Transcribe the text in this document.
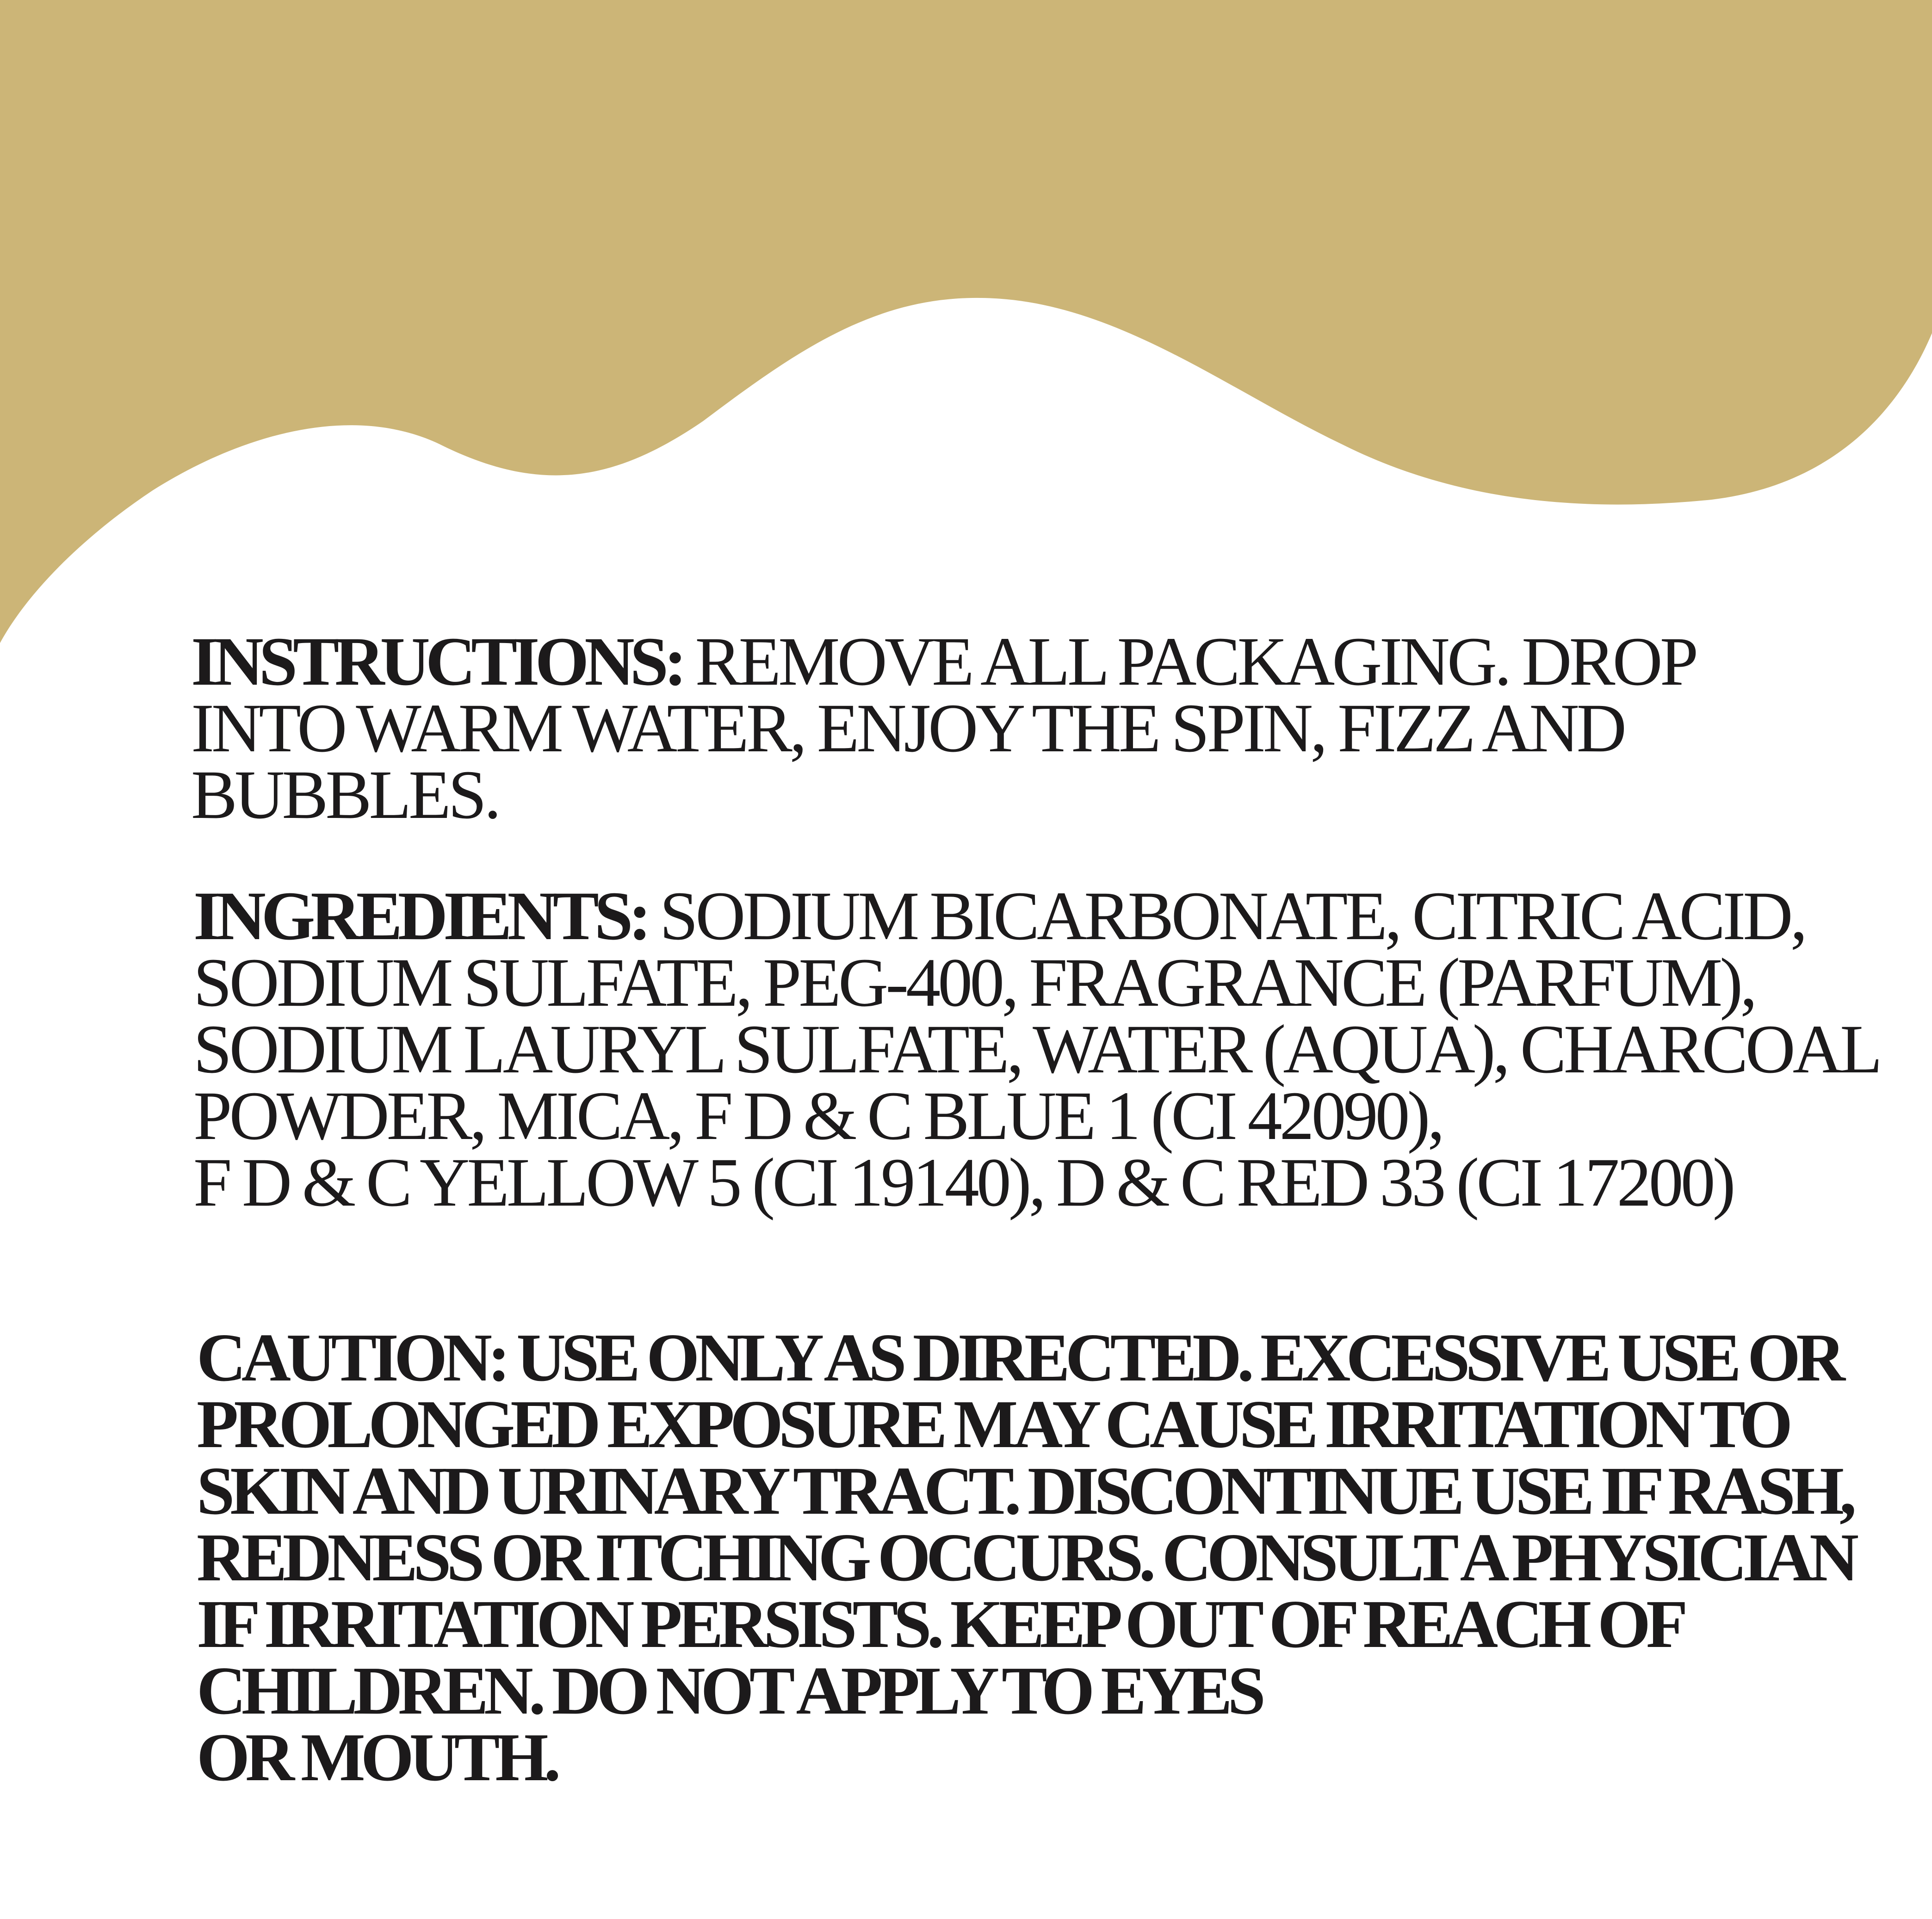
INSTRUCTIONS: REMOVE ALL PACKAGING. DROP
INTO WARM WATER, ENJOY THE SPIN, FIZZ AND
BUBBLES.

INGREDIENTS: SODIUM BICARBONATE, CITRIC ACID,
SODIUM SULFATE, PEG-400, FRAGRANCE (PARFUM),
SODIUM LAURYL SULFATE, WATER (AQUA), CHARCOAL
POWDER, MICA, F D & C BLUE 1 (CI 42090),
F D & C YELLOW 5 (CI 19140), D & C RED 33 (CI 17200)

CAUTION: USE ONLY AS DIRECTED. EXCESSIVE USE OR
PROLONGED EXPOSURE MAY CAUSE IRRITATION TO
SKIN AND URINARY TRACT. DISCONTINUE USE IF RASH,
REDNESS OR ITCHING OCCURS. CONSULT A PHYSICIAN
IF IRRITATION PERSISTS. KEEP OUT OF REACH OF
CHILDREN. DO NOT APPLY TO EYES
OR MOUTH.
